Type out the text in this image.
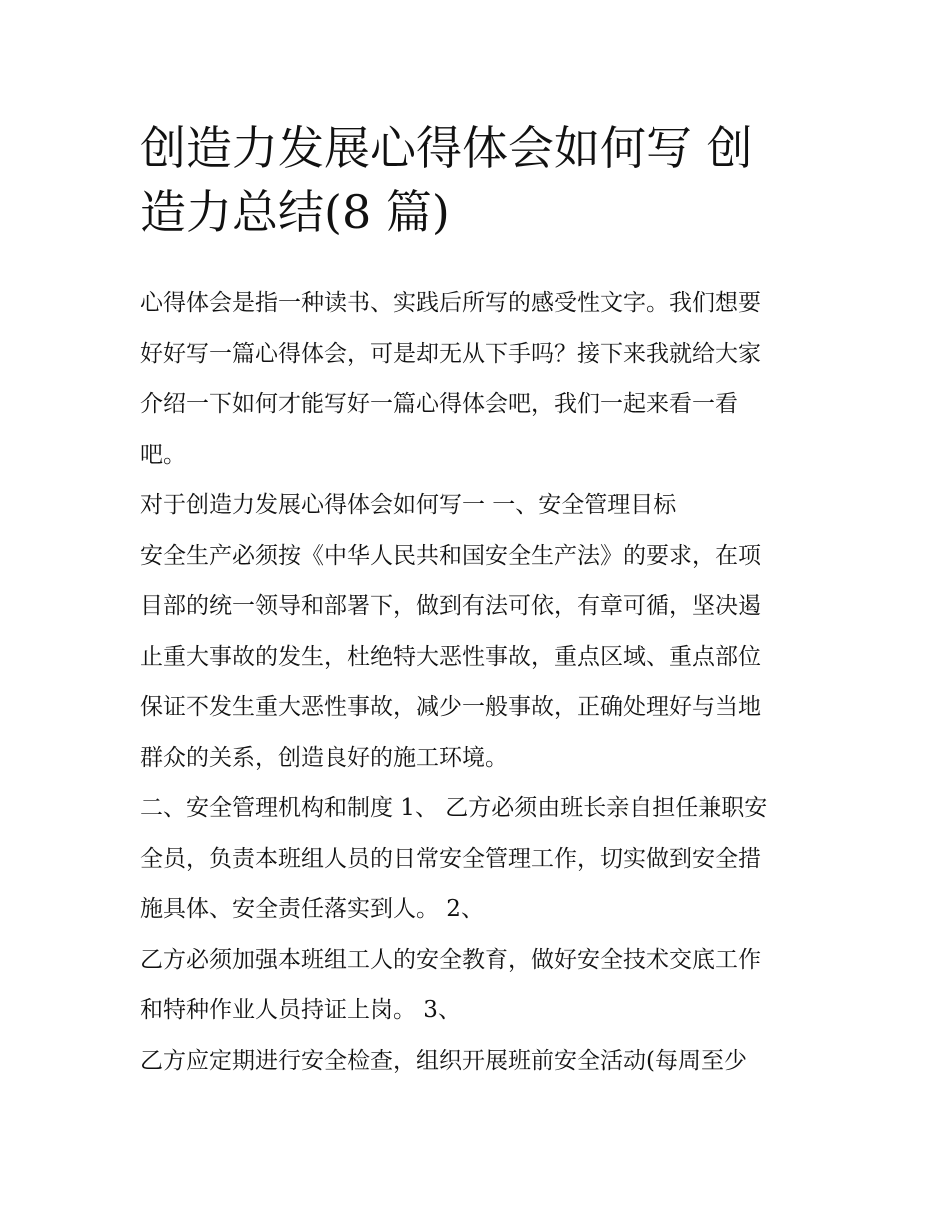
创造力发展心得体会如何写 创
造力总结(8 篇)
心得体会是指一种读书、实践后所写的感受性文字。我们想要
好好写一篇心得体会，可是却无从下手吗？接下来我就给大家
介绍一下如何才能写好一篇心得体会吧，我们一起来看一看
吧。
对于创造力发展心得体会如何写一 一、安全管理目标
安全生产必须按《中华人民共和国安全生产法》的要求，在项
目部的统一领导和部署下，做到有法可依，有章可循，坚决遏
止重大事故的发生，杜绝特大恶性事故，重点区域、重点部位
保证不发生重大恶性事故，减少一般事故，正确处理好与当地
群众的关系，创造良好的施工环境。
二、安全管理机构和制度 1、 乙方必须由班长亲自担任兼职安
全员，负责本班组人员的日常安全管理工作，切实做到安全措
施具体、安全责任落实到人。 2、
乙方必须加强本班组工人的安全教育，做好安全技术交底工作
和特种作业人员持证上岗。 3、
乙方应定期进行安全检查，组织开展班前安全活动(每周至少
